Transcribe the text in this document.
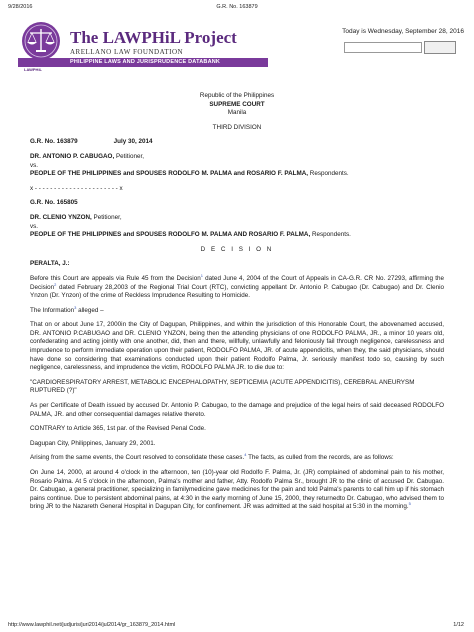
9/28/2016	G.R. No. 163879
LAWPHiL
The LAWPHiL Project
ARELLANO LAW FOUNDATION
PHILIPPINE LAWS AND JURISPRUDENCE DATABANK
Today is Wednesday, September 28, 2016

Republic of the Philippines

SUPREME COURT

Manila

THIRD DIVISION

G.R. No. 163879	July 30, 2014

DR. ANTONIO P. CABUGAO, Petitioner,

vs.

PEOPLE OF THE PHILIPPINES and SPOUSES RODOLFO M. PALMA and ROSARIO F. PALMA, Respondents.

x - - - - - - - - - - - - - - - - - - - - - - x

G.R. No. 165805

DR. CLENIO YNZON, Petitioner,

vs.

PEOPLE OF THE PHILIPPINES and SPOUSES RODOLFO M. PALMA AND ROSARIO F. PALMA, Respondents.

D E C I S I O N

PERALTA, J.:

Before this Court are appeals via Rule 45 from the Decision$^1$ dated June 4, 2004 of the Court of Appeals in CA-G.R. CR No. 27293, affirming the Decision$^2$ dated February 28,2003 of the Regional Trial Court (RTC), convicting appellant Dr. Antonio P. Cabugao (Dr. Cabugao) and Dr. Clenio Ynzon (Dr. Ynzon) of the crime of Reckless Imprudence Resulting to Homicide.

The Information$^3$ alleged –

That on or about June 17, 2000in the City of Dagupan, Philippines, and within the jurisdiction of this Honorable Court, the abovenamed accused, DR. ANTONIO P.CABUGAO and DR. CLENIO YNZON, being then the attending physicians of one RODOLFO PALMA, JR., a minor 10 years old, confederating and acting jointly with one another, did, then and there, willfully, unlawfully and feloniously fail through negligence, carelessness and imprudence to perform immediate operation upon their patient, RODOLFO PALMA, JR. of acute appendicitis, when they, the said physicians, should have done so considering that examinations conducted upon their patient Rodolfo Palma, Jr. seriously manifest todo so, causing by such negligence, carelessness, and imprudence the victim, RODOLFO PALMA JR. to die due to:

"CARDIORESPIRATORY ARREST, METABOLIC ENCEPHALOPATHY, SEPTICEMIA (ACUTE APPENDICITIS), CEREBRAL ANEURYSM RUPTURED (?)"

As per Certificate of Death issued by accused Dr. Antonio P. Cabugao, to the damage and prejudice of the legal heirs of said deceased RODOLFO PALMA, JR. and other consequential damages relative thereto.

CONTRARY to Article 365, 1st par. of the Revised Penal Code.

Dagupan City, Philippines, January 29, 2001.

Arising from the same events, the Court resolved to consolidate these cases.$^4$ The facts, as culled from the records, are as follows:

On June 14, 2000, at around 4 o'clock in the afternoon, ten (10)-year old Rodolfo F. Palma, Jr. (JR) complained of abdominal pain to his mother, Rosario Palma. At 5 o'clock in the afternoon, Palma's mother and father, Atty. Rodolfo Palma Sr., brought JR to the clinic of accused Dr. Cabugao. Dr. Cabugao, a general practitioner, specializing in familymedicine gave medicines for the pain and told Palma's parents to call him up if his stomach pains continue. Due to persistent abdominal pains, at 4:30 in the early morning of June 15, 2000, they returnedto Dr. Cabugao, who advised them to bring JR to the Nazareth General Hospital in Dagupan City, for confinement. JR was admitted at the said hospital at 5:30 in the morning.$^5$

http://www.lawphil.net/judjuris/juri2014/jul2014/gr_163879_2014.html	1/12
